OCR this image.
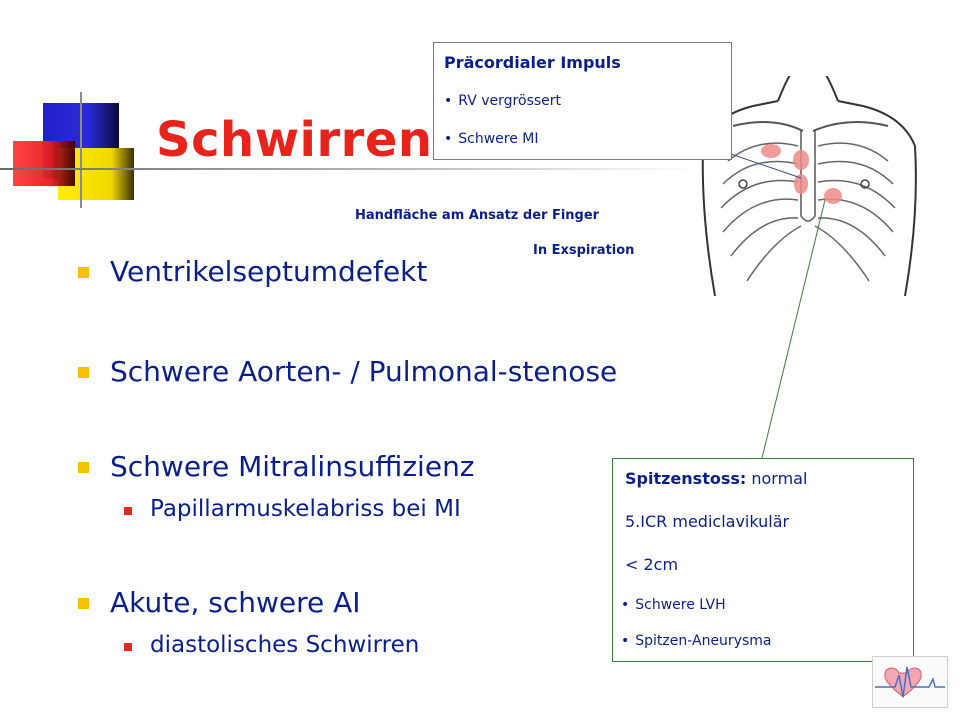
Schwirren
Handfläche am Ansatz der Finger
In Exspiration
Ventrikelseptumdefekt
Schwere Aorten- / Pulmonal-stenose
Schwere Mitralinsuffizienz
Papillarmuskelabriss bei MI
Akute, schwere AI
diastolisches Schwirren
Präcordialer Impuls
• RV vergrössert
• Schwere MI
Spitzenstoss: normal
5.ICR mediclavikulär
< 2cm
• Schwere LVH
• Spitzen-Aneurysma
